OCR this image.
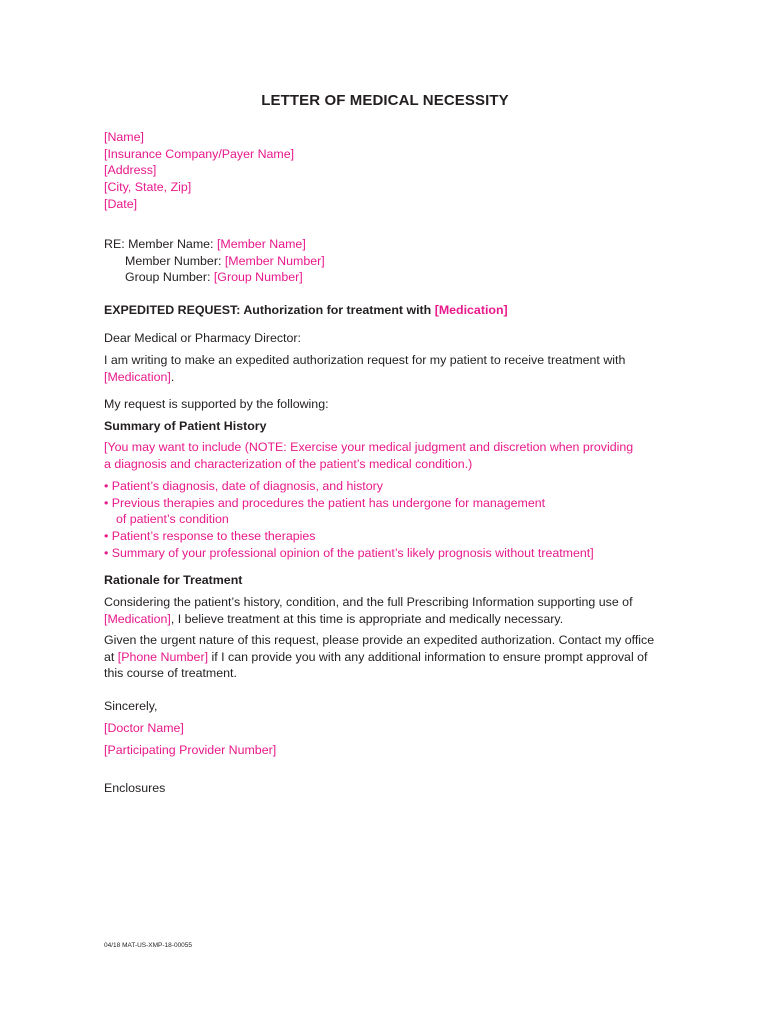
LETTER OF MEDICAL NECESSITY
[Name]
[Insurance Company/Payer Name]
[Address]
[City, State, Zip]
[Date]
RE: Member Name: [Member Name]
Member Number: [Member Number]
Group Number: [Group Number]
EXPEDITED REQUEST: Authorization for treatment with [Medication]
Dear Medical or Pharmacy Director:
I am writing to make an expedited authorization request for my patient to receive treatment with
[Medication].
My request is supported by the following:
Summary of Patient History
[You may want to include (NOTE: Exercise your medical judgment and discretion when providing
a diagnosis and characterization of the patient’s medical condition.)
• Patient’s diagnosis, date of diagnosis, and history
• Previous therapies and procedures the patient has undergone for management
of patient’s condition
• Patient’s response to these therapies
• Summary of your professional opinion of the patient’s likely prognosis without treatment]
Rationale for Treatment
Considering the patient’s history, condition, and the full Prescribing Information supporting use of
[Medication], I believe treatment at this time is appropriate and medically necessary.
Given the urgent nature of this request, please provide an expedited authorization. Contact my office
at [Phone Number] if I can provide you with any additional information to ensure prompt approval of
this course of treatment.
Sincerely,
[Doctor Name]
[Participating Provider Number]
Enclosures
04/18 MAT-US-XMP-18-00055
